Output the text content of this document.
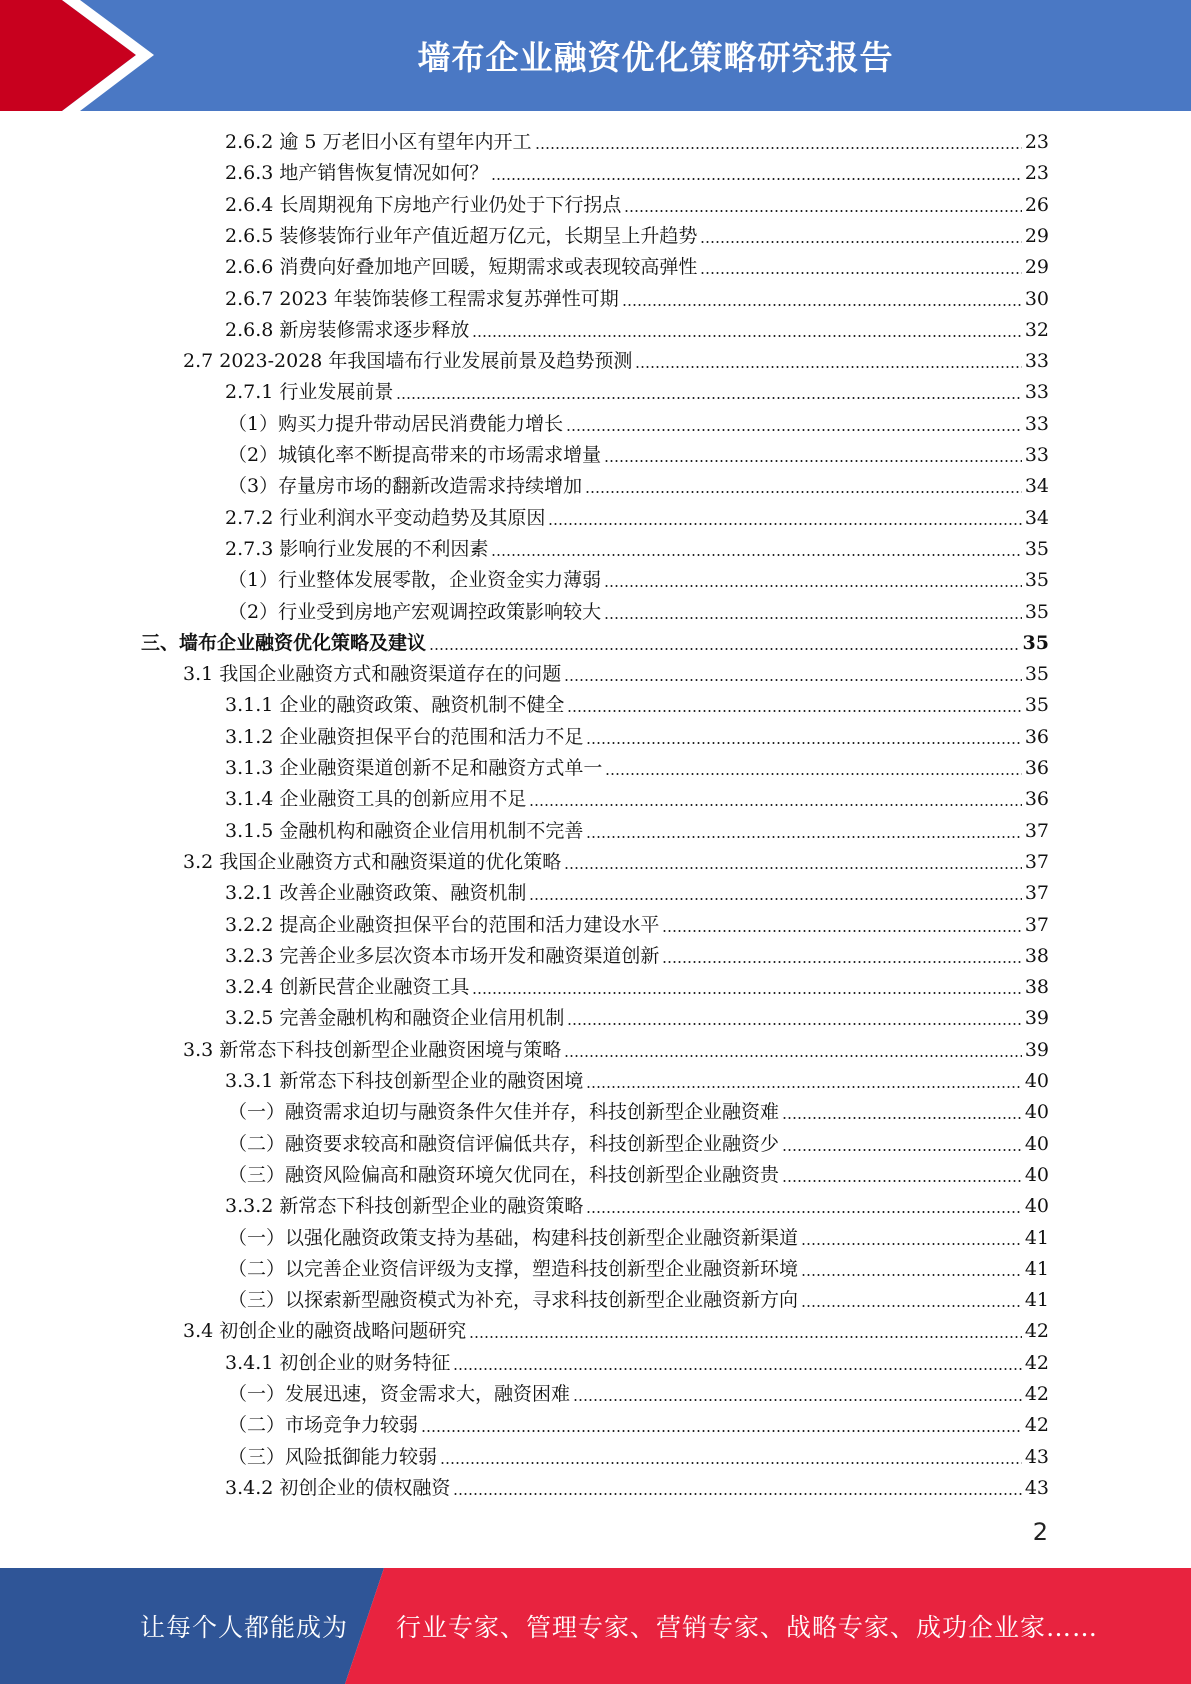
墙布企业融资优化策略研究报告
2.6.2 逾 5 万老旧小区有望年内开工	23
2.6.3 地产销售恢复情况如何？	23
2.6.4 长周期视角下房地产行业仍处于下行拐点	26
2.6.5 装修装饰行业年产值近超万亿元，长期呈上升趋势	29
2.6.6 消费向好叠加地产回暖，短期需求或表现较高弹性	29
2.6.7 2023 年装饰装修工程需求复苏弹性可期	30
2.6.8 新房装修需求逐步释放	32
2.7 2023-2028 年我国墙布行业发展前景及趋势预测	33
2.7.1 行业发展前景	33
（1）购买力提升带动居民消费能力增长	33
（2）城镇化率不断提高带来的市场需求增量	33
（3）存量房市场的翻新改造需求持续增加	34
2.7.2 行业利润水平变动趋势及其原因	34
2.7.3 影响行业发展的不利因素	35
（1）行业整体发展零散，企业资金实力薄弱	35
（2）行业受到房地产宏观调控政策影响较大	35
三、墙布企业融资优化策略及建议	35
3.1 我国企业融资方式和融资渠道存在的问题	35
3.1.1 企业的融资政策、融资机制不健全	35
3.1.2 企业融资担保平台的范围和活力不足	36
3.1.3 企业融资渠道创新不足和融资方式单一	36
3.1.4 企业融资工具的创新应用不足	36
3.1.5 金融机构和融资企业信用机制不完善	37
3.2 我国企业融资方式和融资渠道的优化策略	37
3.2.1 改善企业融资政策、融资机制	37
3.2.2 提高企业融资担保平台的范围和活力建设水平	37
3.2.3 完善企业多层次资本市场开发和融资渠道创新	38
3.2.4 创新民营企业融资工具	38
3.2.5 完善金融机构和融资企业信用机制	39
3.3 新常态下科技创新型企业融资困境与策略	39
3.3.1 新常态下科技创新型企业的融资困境	40
（一）融资需求迫切与融资条件欠佳并存，科技创新型企业融资难	40
（二）融资要求较高和融资信评偏低共存，科技创新型企业融资少	40
（三）融资风险偏高和融资环境欠优同在，科技创新型企业融资贵	40
3.3.2 新常态下科技创新型企业的融资策略	40
（一）以强化融资政策支持为基础，构建科技创新型企业融资新渠道	41
（二）以完善企业资信评级为支撑，塑造科技创新型企业融资新环境	41
（三）以探索新型融资模式为补充，寻求科技创新型企业融资新方向	41
3.4 初创企业的融资战略问题研究	42
3.4.1 初创企业的财务特征	42
（一）发展迅速，资金需求大，融资困难	42
（二）市场竞争力较弱	42
（三）风险抵御能力较弱	43
3.4.2 初创企业的债权融资	43
2
让每个人都能成为 行业专家、管理专家、营销专家、战略专家、成功企业家……
